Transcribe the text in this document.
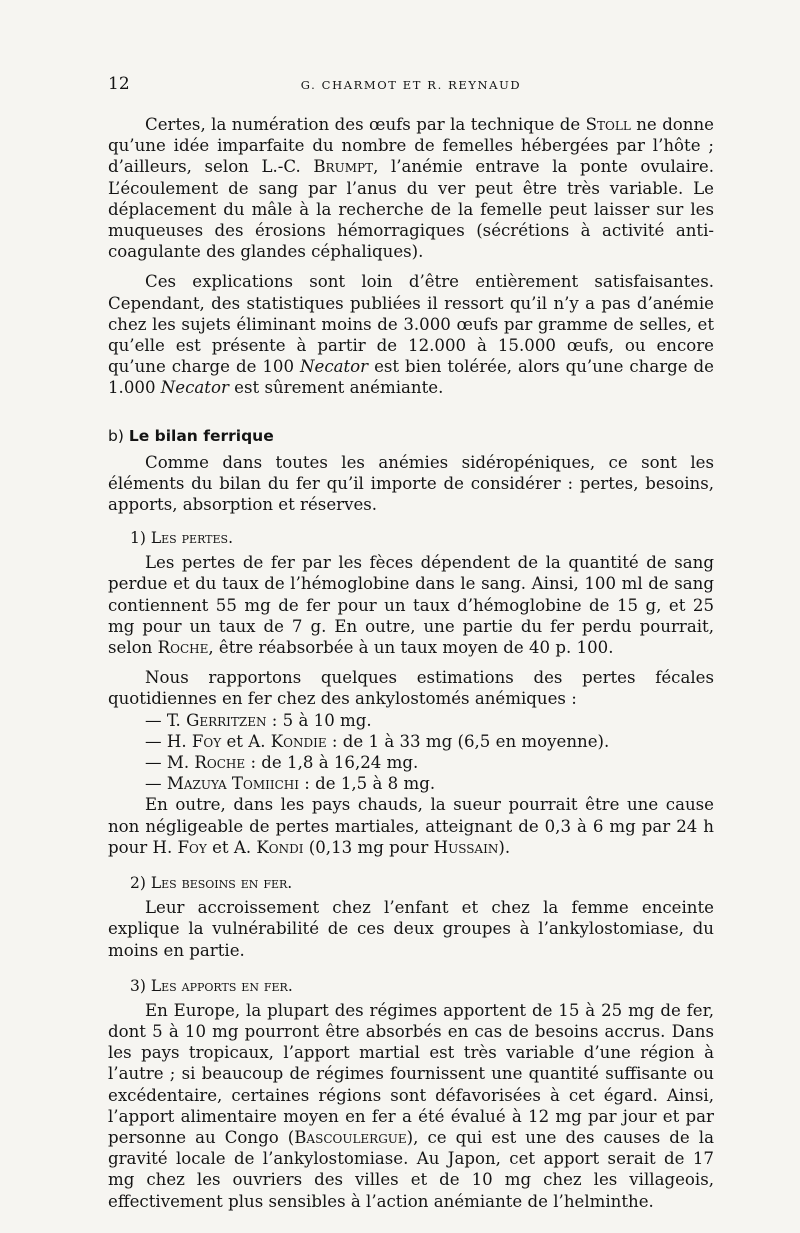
12	G. CHARMOT ET R. REYNAUD

Certes, la numération des œufs par la technique de Stoll ne donne qu’une idée imparfaite du nombre de femelles hébergées par l’hôte ; d’ailleurs, selon L.-C. Brumpt, l’anémie entrave la ponte ovulaire. L’écoulement de sang par l’anus du ver peut être très variable. Le déplacement du mâle à la recherche de la femelle peut laisser sur les muqueuses des érosions hémorragiques (sécrétions à activité anti-coagulante des glandes céphaliques).

Ces explications sont loin d’être entièrement satisfaisantes. Cependant, des statistiques publiées il ressort qu’il n’y a pas d’anémie chez les sujets éliminant moins de 3.000 œufs par gramme de selles, et qu’elle est présente à partir de 12.000 à 15.000 œufs, ou encore qu’une charge de 100 Necator est bien tolérée, alors qu’une charge de 1.000 Necator est sûrement anémiante.

b) Le bilan ferrique

Comme dans toutes les anémies sidéropéniques, ce sont les éléments du bilan du fer qu’il importe de considérer : pertes, besoins, apports, absorption et réserves.

1) Les pertes.

Les pertes de fer par les fèces dépendent de la quantité de sang perdue et du taux de l’hémoglobine dans le sang. Ainsi, 100 ml de sang contiennent 55 mg de fer pour un taux d’hémoglobine de 15 g, et 25 mg pour un taux de 7 g. En outre, une partie du fer perdu pourrait, selon Roche, être réabsorbée à un taux moyen de 40 p. 100.

Nous rapportons quelques estimations des pertes fécales quotidiennes en fer chez des ankylostomés anémiques :

— T. Gerritzen : 5 à 10 mg.

— H. Foy et A. Kondie : de 1 à 33 mg (6,5 en moyenne).

— M. Roche : de 1,8 à 16,24 mg.

— Mazuya Tomiichi : de 1,5 à 8 mg.

En outre, dans les pays chauds, la sueur pourrait être une cause non négligeable de pertes martiales, atteignant de 0,3 à 6 mg par 24 h pour H. Foy et A. Kondi (0,13 mg pour Hussain).

2) Les besoins en fer.

Leur accroissement chez l’enfant et chez la femme enceinte explique la vulnérabilité de ces deux groupes à l’ankylostomiase, du moins en partie.

3) Les apports en fer.

En Europe, la plupart des régimes apportent de 15 à 25 mg de fer, dont 5 à 10 mg pourront être absorbés en cas de besoins accrus. Dans les pays tropicaux, l’apport martial est très variable d’une région à l’autre ; si beaucoup de régimes fournissent une quantité suffisante ou excédentaire, certaines régions sont défavorisées à cet égard. Ainsi, l’apport alimentaire moyen en fer a été évalué à 12 mg par jour et par personne au Congo (Bascoulergue), ce qui est une des causes de la gravité locale de l’ankylostomiase. Au Japon, cet apport serait de 17 mg chez les ouvriers des villes et de 10 mg chez les villageois, effectivement plus sensibles à l’action anémiante de l’helminthe.
